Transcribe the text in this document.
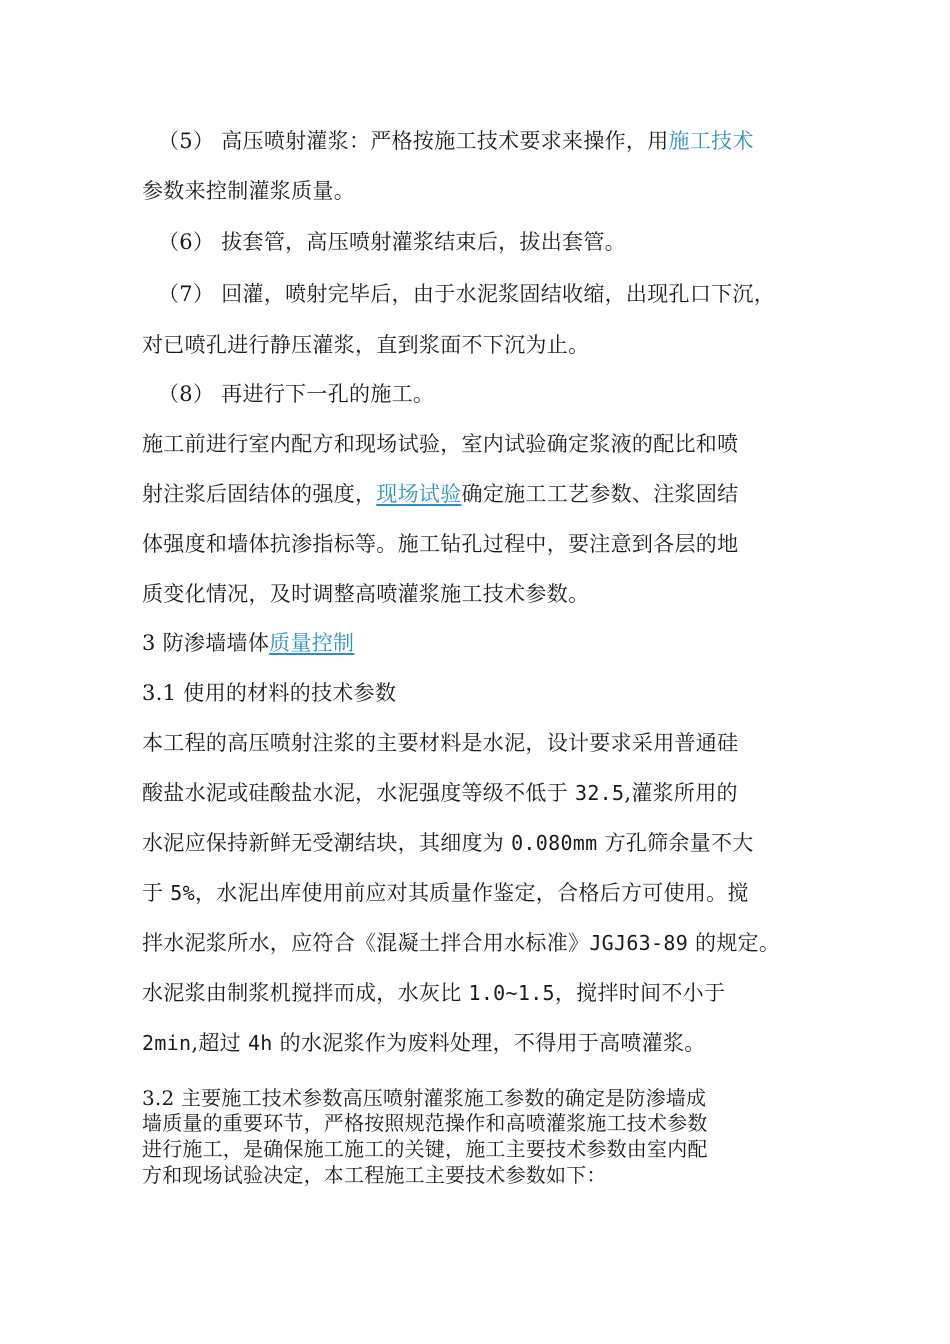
（5） 高压喷射灌浆：严格按施工技术要求来操作，用施工技术
参数来控制灌浆质量。
（6） 拔套管，高压喷射灌浆结束后，拔出套管。
（7） 回灌，喷射完毕后，由于水泥浆固结收缩，出现孔口下沉，
对已喷孔进行静压灌浆，直到浆面不下沉为止。
（8） 再进行下一孔的施工。
施工前进行室内配方和现场试验，室内试验确定浆液的配比和喷
射注浆后固结体的强度，现场试验确定施工工艺参数、注浆固结
体强度和墙体抗渗指标等。施工钻孔过程中，要注意到各层的地
质变化情况，及时调整高喷灌浆施工技术参数。
3 防渗墙墙体质量控制
3.1 使用的材料的技术参数
本工程的高压喷射注浆的主要材料是水泥，设计要求采用普通硅
酸盐水泥或硅酸盐水泥，水泥强度等级不低于 32.5,灌浆所用的
水泥应保持新鲜无受潮结块，其细度为 0.080mm 方孔筛余量不大
于 5%，水泥出库使用前应对其质量作鉴定，合格后方可使用。搅
拌水泥浆所水，应符合《混凝土拌合用水标准》JGJ63-89 的规定。
水泥浆由制浆机搅拌而成，水灰比 1.0~1.5，搅拌时间不小于
2min,超过 4h 的水泥浆作为废料处理，不得用于高喷灌浆。
3.2 主要施工技术参数高压喷射灌浆施工参数的确定是防渗墙成
墙质量的重要环节，严格按照规范操作和高喷灌浆施工技术参数
进行施工，是确保施工施工的关键，施工主要技术参数由室内配
方和现场试验决定，本工程施工主要技术参数如下：
